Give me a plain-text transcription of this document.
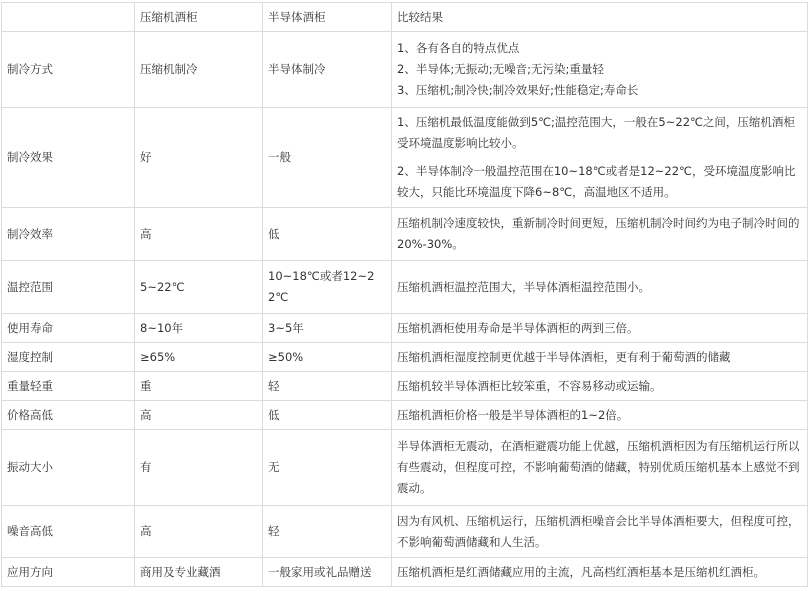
	压缩机酒柜	半导体酒柜	比较结果
制冷方式	压缩机制冷	半导体制冷	1、各有各自的特点优点
2、半导体;无振动;无噪音;无污染;重量轻
3、压缩机;制冷快;制冷效果好;性能稳定;寿命长

制冷效果	好	一般	1、压缩机最低温度能做到5℃;温控范围大，一般在5~22℃之间，压缩机酒柜受环境温度影响比较小。
2、半导体制冷一般温控范围在10~18℃或者是12~22℃，受环境温度影响比较大，只能比环境温度下降6~8℃，高温地区不适用。

制冷效率	高	低	压缩机制冷速度较快，重新制冷时间更短，压缩机制冷时间约为电子制冷时间的20%-30%。
温控范围	5~22℃	10~18℃或者12~22℃	压缩机酒柜温控范围大，半导体酒柜温控范围小。
使用寿命	8~10年	3~5年	压缩机酒柜使用寿命是半导体酒柜的两到三倍。
湿度控制	≥65%	≥50%	压缩机酒柜湿度控制更优越于半导体酒柜，更有利于葡萄酒的储藏
重量轻重	重	轻	压缩机较半导体酒柜比较笨重，不容易移动或运输。
价格高低	高	低	压缩机酒柜价格一般是半导体酒柜的1~2倍。
振动大小	有	无	半导体酒柜无震动，在酒柜避震功能上优越，压缩机酒柜因为有压缩机运行所以有些震动，但程度可控，不影响葡萄酒的储藏，特别优质压缩机基本上感觉不到震动。
噪音高低	高	轻	因为有风机、压缩机运行，压缩机酒柜噪音会比半导体酒柜要大，但程度可控，不影响葡萄酒储藏和人生活。
应用方向	商用及专业藏酒	一般家用或礼品赠送	压缩机酒柜是红酒储藏应用的主流，凡高档红酒柜基本是压缩机红酒柜。
